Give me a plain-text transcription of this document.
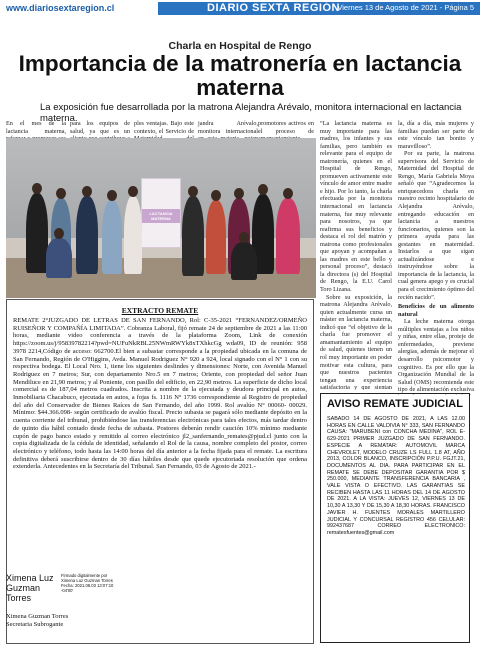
www.diariosextaregion.cl	DIARIO SEXTA REGIÓN
Viernes 13 de Agosto de 2021 - Página 5
Charla en Hospital de Rengo
Importancia de la matronería en lactancia materna
La exposición fue desarrollada por la matrona Alejandra Arévalo, monitora internacional en lactancia materna.

En el mes de la lactancia materna,

para los equipos de salud, ya que es un

ples ventajas. Bajo este contexto, el Servicio de

jandra Arévalo, monitora internacional

promotores activos en el proceso de

“La lactancia materna es muy importante para las madres, los infantes y sus familias, pero también es relevante para el equipo de matronería, quienes en el Hospital de Rengo, promueven activamente este vínculo de amor entre madre e hijo. Por lo tanto, la charla efectuada por la monitora internacional en lactancia materna, fue muy relevante para nosotros, ya que reafirma sus beneficios y destaca el rol del matrón y matrona como profesionales que apoyan y acompañan a las madres en este bello y personal proceso”, destacó la directora (s) del Hospital de Rengo, la E.U. Carol Toro Lizana.

Sobre su exposición, la matrona Alejandra Arévalo, quien actualmente cursa un máster en lactancia materna, indicó que “el objetivo de la charla fue promover el amamantamiento al equipo de salud, quienes tienen un rol muy importante en poder motivar esta cultura, para que nuestros pacientes tengan una experiencia satisfactoria y que sientan

la, día a día, más mujeres y familias puedan ser parte de este vínculo tan bonito y maravilloso”.

Por su parte, la matrona supervisora del Servicio de Maternidad del Hospital de Rengo, María Gabriela Moya señaló que “Agradecemos la enriquecedora charla en nuestro recinto hospitalario de Alejandra Arévalo, entregando educación en lactancia a nuestros funcionarios, quienes son la primera ayuda para las gestantes en maternidad. Instarlos a que sigan actualizándose e instruyéndose sobre la importancia de la lactancia, la cual genera apego y es crucial para el crecimiento óptimo del recién nacido”.

Beneficios de un alimento natural

La leche materna otorga múltiples ventajas a los niños y niñas, entre ellas, proteje de enfermedades, previene alergias, además de mejorar el desarrollo psicomotor y cognitivo. Es por ello que la Organización Mundial de la Salud (OMS) recomienda este tipo de alimentación exclusiva

LACTANCIA MATERNA
EXTRACTO REMATE
REMATE 2°JUZGADO DE LETRAS DE SAN FERNANDO, Rol: C-35-2021 “FERNANDEZ/ORMEÑO RUISEÑOR Y COMPAÑÍA LIMITADA”. Cobranza Laboral, fijó remate 24 de septiembre de 2021 a las 11:00 horas, mediante video conferencia a través de la plataforma Zoom, Link de conexión https://zoom.us/j/95839782214?pwd=NUFuNkRBL25NWmRWYk8xTXhkcGg wda09, ID de reunión: 958 3978 2214,Código de acceso: 662700.El bien a subastar corresponde a la propiedad ubicada en la comuna de San Fernando, Región de O'Higgins, Avda. Manuel Rodriguez N° 920 a 924, local signado con el N° 1 con su respectiva bodega. El Local Nro. 1, tiene los siguientes deslindes y dimensiones: Norte, con Avenida Manuel Rodriguez en 7 metros; Sur, con departamento Nro.5 en 7 metros; Oriente, con propiedad del señor Juan Mendiluce en 21,90 metros; y al Poniente, con pasillo del edificio, en 22,90 metros. La superficie de dicho local comercial es de 187,04 metros cuadrados. Inscrita a nombre de la ejecutada y deudora principal en autos, Inmobiliaria Chacabuco, ejecutada en autos, a fojas fs. 1116 N° 1736 correspondiente al Registro de propiedad del año del Conservador de Bienes Raíces de San Fernando, del año 1999. Rol avalúo N° 00060- 00029. Mínimo: $44.366.098- según certificado de avalúo fiscal. Precio subasta se pagará sólo mediante depósito en la cuenta corriente del tribunal, prohibiéndose las transferencias electrónicas para tales efectos, más tardar dentro de quinto día hábil contado desde fecha de subasta. Postores deberán rendir caución 10% mínimo mediante cupón de pago banco estado y remitido al correo electrónico jl2_sanfernando_remates@pjud.cl junto con la copia digitalizada de la cédula de identidad, señalando el Rol de la causa, nombre completo del postor, correo electrónico y teléfono, todo hasta las 14:00 horas del día anterior a la fecha fijada para el remate. La escritura definitiva deberá suscribirse dentro de 30 días hábiles desde que quede ejecutoriada resolución que ordena extenderla. Antecedentes en la Secretaría del Tribunal. San Fernando, 03 de Agosto de 2021.-
Ximena Luz Guzman Torres
Firmado digitalmente por Ximena Luz Guzman Torres Fecha: 2021.08.03 13:07:10 -04'00'
Ximena Guzman Torres
Secretaria Subrogante
AVISO REMATE JUDICIAL
SABADO 14 DE AGOSTO DE 2021, A LAS 12.00 HORAS EN CALLE VALDIVIA N° 333, SAN FERNANDO CAUSA: "MARUBENI con CONCHA MEDINA", ROL E-629-2021 PRIMER JUZGADO DE SAN FERNANDO. ESPECIE A REMATAR: AUTOMOVIL MARCA CHEVROLET, MODELO CRUZE LS FULL 1.8 AT, AÑO 2013, COLOR BLANCO, INSCRIPCIÓN P.P.U. FGJT.21, DOCUMENTOS AL DIA. PARA PARTICIPAR EN EL REMATE SE DEBE DEPOSITAR GARANTIA POR $ 250.000, MEDIANTE TRANSFERENCIA BANCARIA , VALE VISTA O EFECTIVO. LAS GARANTIAS SE RECIBEN HASTA LAS 11 HORAS DEL 14 DE AGOSTO DE 2021. A LA VISTA: JUEVES 12, VIERNES 13 DE 10,30 A 13,30 Y DE 15,30 A 18,30 HORAS. FRANCISCO JAVIER H. FUENTES MORALES MARTILLERO JUDICIAL Y CONCURSAL REGISTRO 456 CELULAR: 992437687 CORREO ELECTRONICO: rematesfuentes@gmail.com
